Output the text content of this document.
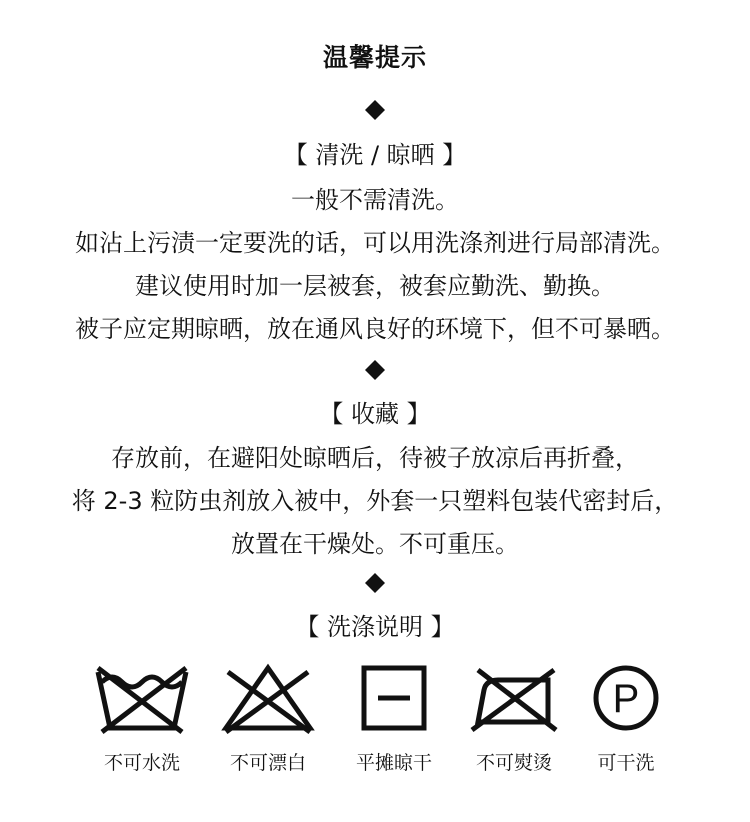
温馨提示
【 清洗 / 晾晒 】
一般不需清洗。
如沾上污渍一定要洗的话，可以用洗涤剂进行局部清洗。
建议使用时加一层被套，被套应勤洗、勤换。
被子应定期晾晒，放在通风良好的环境下，但不可暴晒。
【 收藏 】
存放前，在避阳处晾晒后，待被子放凉后再折叠，
将 2-3 粒防虫剂放入被中，外套一只塑料包装代密封后，
放置在干燥处。不可重压。
【 洗涤说明 】
不可水洗	不可漂白	平摊晾干	不可熨烫
P
可干洗
